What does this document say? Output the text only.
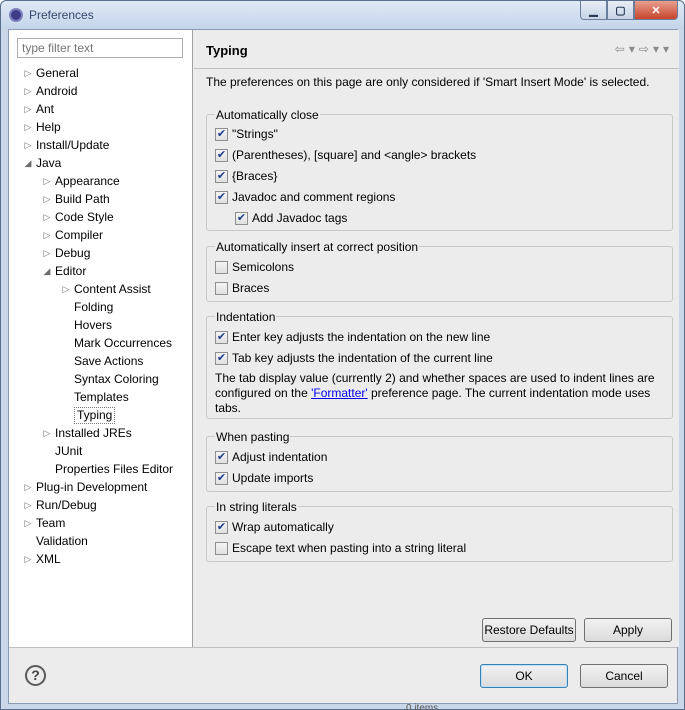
Preferences	▁	▢	✕
type filter text
▷ General
▷ Android
▷ Ant
▷ Help
▷ Install/Update
◢ Java
▷ Appearance
▷ Build Path
▷ Code Style
▷ Compiler
▷ Debug
◢ Editor
▷ Content Assist
Folding
Hovers
Mark Occurrences
Save Actions
Syntax Coloring
Templates
Typing
▷ Installed JREs
JUnit
Properties Files Editor
▷ Plug-in Development
▷ Run/Debug
▷ Team
Validation
▷ XML
Typing	⇦ ▾ ⇨ ▾ ▾
The preferences on this page are only considered if 'Smart Insert Mode' is selected.
Automatically close
✔ "Strings"
✔ (Parentheses), [square] and <angle> brackets
✔ {Braces}
✔ Javadoc and comment regions
✔ Add Javadoc tags
Automatically insert at correct position
Semicolons
Braces
Indentation
✔ Enter key adjusts the indentation on the new line
✔ Tab key adjusts the indentation of the current line
The tab display value (currently 2) and whether spaces are used to indent lines are configured on the 'Formatter' preference page. The current indentation mode uses tabs.
When pasting
✔ Adjust indentation
✔ Update imports
In string literals
✔ Wrap automatically
Escape text when pasting into a string literal
Restore Defaults	Apply
?	OK	Cancel
0 items
